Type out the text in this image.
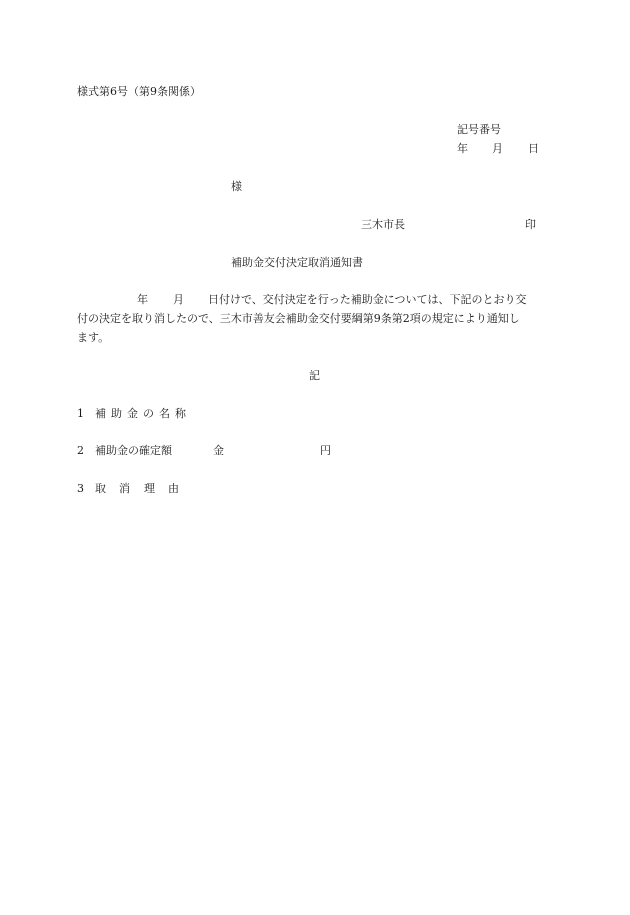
様式第6号（第9条関係）
記号番号
年 月 日
様
三木市長	印
補助金交付決定取消通知書
年 月 日付けで、交付決定を行った補助金については、下記のとおり交
付の決定を取り消したので、三木市善友会補助金交付要綱第9条第2項の規定により通知し
ます。
記
1 補 助 金 の 名 称
2 補助金の確定額	金	円
3 取 消 理 由
